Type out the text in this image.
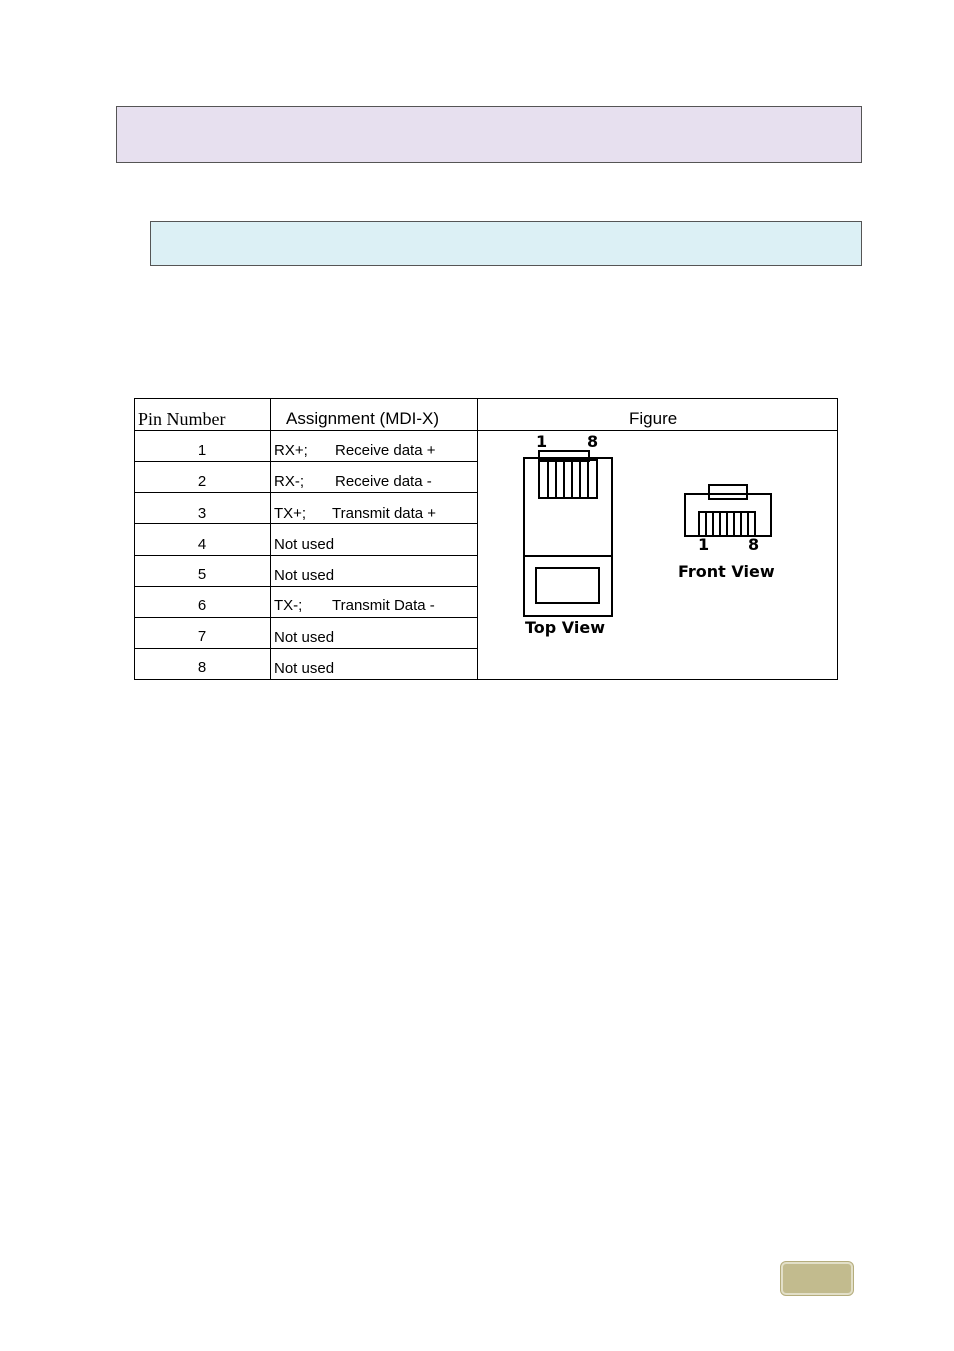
Pin Number	Assignment (MDI-X)	Figure
1	RX+; Receive data +
2	RX-; Receive data -
3	TX+; Transmit data +
4	Not used
5	Not used
6	TX-; Transmit Data -
7	Not used
8	Not used
1 8
Top View
1 8
Front View
